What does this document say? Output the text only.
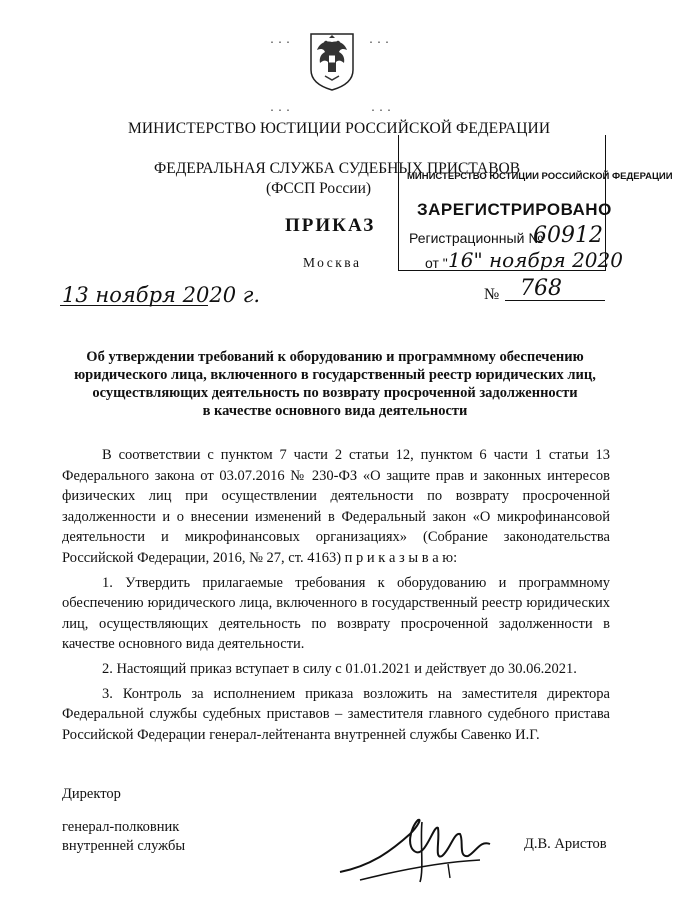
···	···
···	···
МИНИСТЕРСТВО ЮСТИЦИИ РОССИЙСКОЙ ФЕДЕРАЦИИ
ФЕДЕРАЛЬНАЯ СЛУЖБА СУДЕБНЫХ ПРИСТАВОВ
(ФССП России)
ПРИКАЗ
Москва
МИНИСТЕРСТВО ЮСТИЦИИ РОССИЙСКОЙ ФЕДЕРАЦИИ
ЗАРЕГИСТРИРОВАНО
Регистрационный №
60912
от " 16" ноября 2020
13 ноября 2020 г.	№ 768
Об утверждении требований к оборудованию и программному обеспечению
юридического лица, включенного в государственный реестр юридических лиц,
осуществляющих деятельность по возврату просроченной задолженности
в качестве основного вида деятельности

В соответствии с пунктом 7 части 2 статьи 12, пунктом 6 части 1 статьи 13 Федерального закона от 03.07.2016 № 230-ФЗ «О защите прав и законных интересов физических лиц при осуществлении деятельности по возврату просроченной задолженности и о внесении изменений в Федеральный закон «О микрофинансовой деятельности и микрофинансовых организациях» (Собрание законодательства Российской Федерации, 2016, № 27, ст. 4163) п р и к а з ы в а ю:

1. Утвердить прилагаемые требования к оборудованию и программному обеспечению юридического лица, включенного в государственный реестр юридических лиц, осуществляющих деятельность по возврату просроченной задолженности в качестве основного вида деятельности.

2. Настоящий приказ вступает в силу с 01.01.2021 и действует до 30.06.2021.

3. Контроль за исполнением приказа возложить на заместителя директора Федеральной службы судебных приставов – заместителя главного судебного пристава Российской Федерации генерал-лейтенанта внутренней службы Савенко И.Г.

Директор
генерал-полковник
внутренней службы	Д.В. Аристов
